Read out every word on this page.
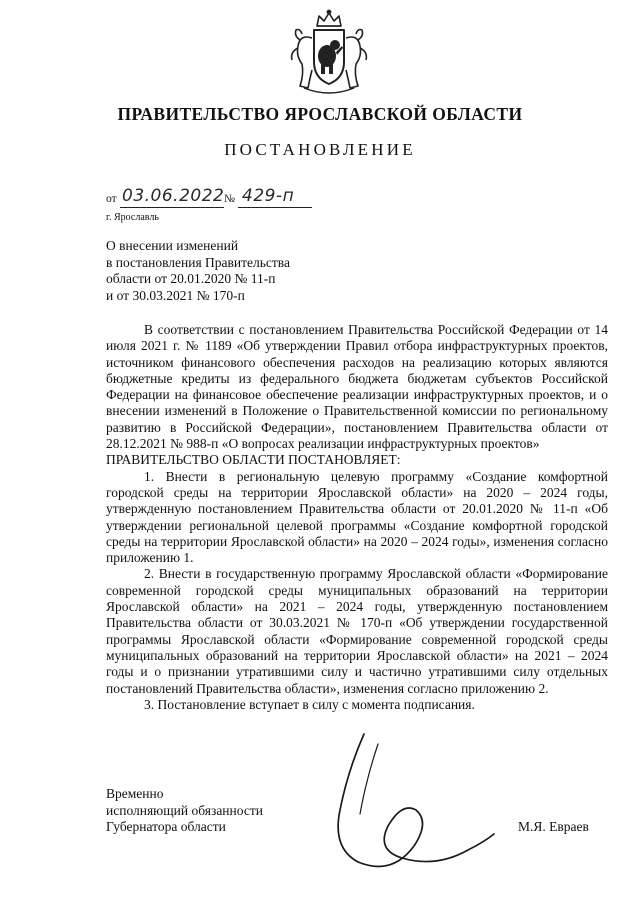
ПРАВИТЕЛЬСТВО ЯРОСЛАВСКОЙ ОБЛАСТИ
ПОСТАНОВЛЕНИЕ
от 03.06.2022 № 429-п
г. Ярославль
О внесении изменений
в постановления Правительства
области от 20.01.2020 № 11-п
и от 30.03.2021 № 170-п

В соответствии с постановлением Правительства Российской Федерации от 14 июля 2021 г. № 1189 «Об утверждении Правил отбора инфраструктурных проектов, источником финансового обеспечения расходов на реализацию которых являются бюджетные кредиты из федерального бюджета бюджетам субъектов Российской Федерации на финансовое обеспечение реализации инфраструктурных проектов, и о внесении изменений в Положение о Правительственной комиссии по региональному развитию в Российской Федерации», постановлением Правительства области от 28.12.2021 № 988-п «О вопросах реализации инфраструктурных проектов»

ПРАВИТЕЛЬСТВО ОБЛАСТИ ПОСТАНОВЛЯЕТ:

1. Внести в региональную целевую программу «Создание комфортной городской среды на территории Ярославской области» на 2020 – 2024 годы, утвержденную постановлением Правительства области от 20.01.2020 № 11-п «Об утверждении региональной целевой программы «Создание комфортной городской среды на территории Ярославской области» на 2020 – 2024 годы», изменения согласно приложению 1.

2. Внести в государственную программу Ярославской области «Формирование современной городской среды муниципальных образований на территории Ярославской области» на 2021 – 2024 годы, утвержденную постановлением Правительства области от 30.03.2021 № 170-п «Об утверждении государственной программы Ярославской области «Формирование современной городской среды муниципальных образований на территории Ярославской области» на 2021 – 2024 годы и о признании утратившими силу и частично утратившими силу отдельных постановлений Правительства области», изменения согласно приложению 2.

3. Постановление вступает в силу с момента подписания.

Временно
исполняющий обязанности
Губернатора области	М.Я. Евраев
